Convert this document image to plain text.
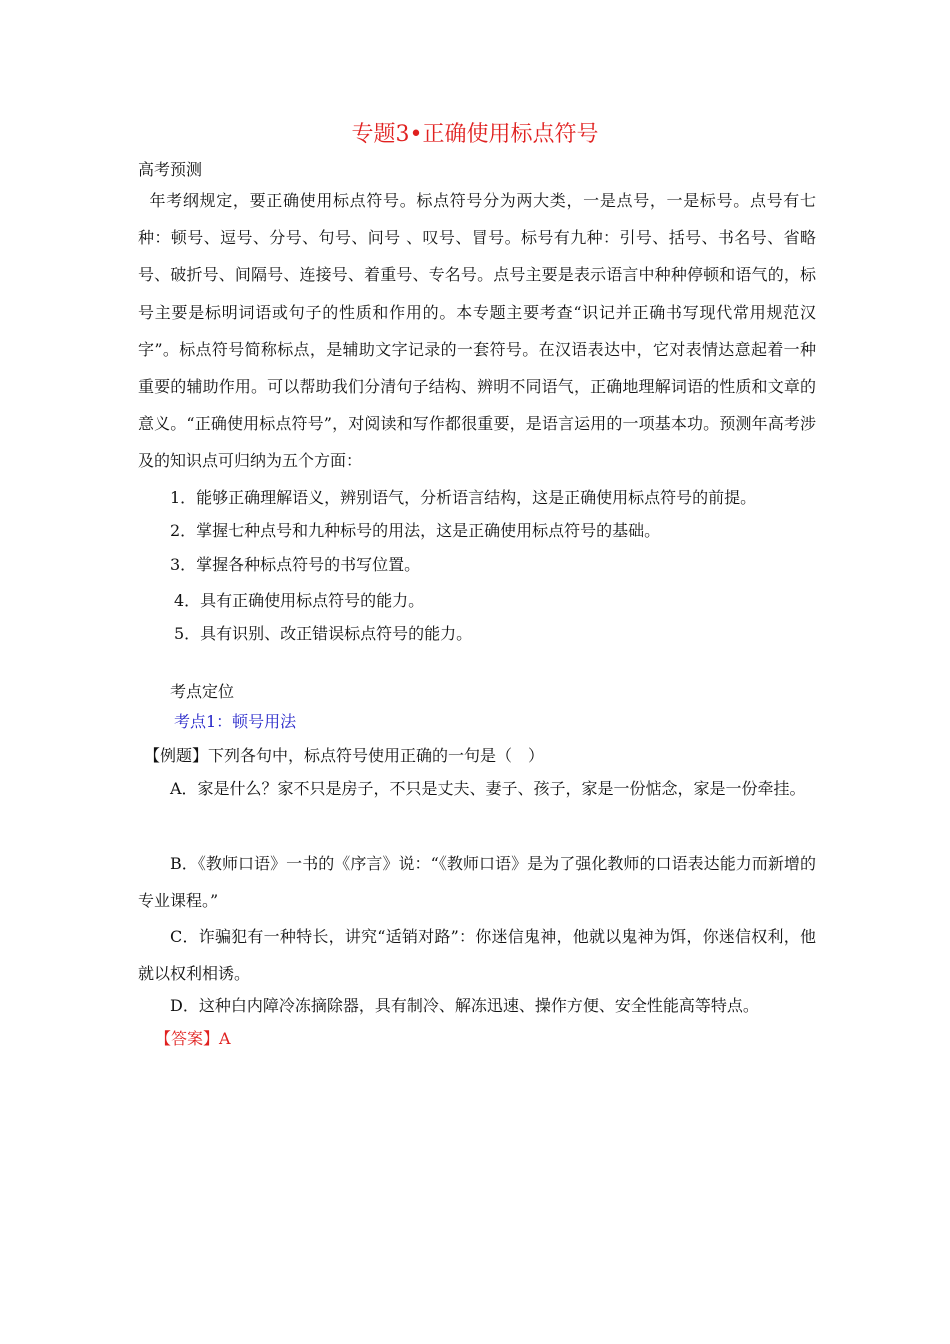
专题3•正确使用标点符号
高考预测
年考纲规定，要正确使用标点符号。标点符号分为两大类，一是点号，一是标号。点号有七种：顿号、逗号、分号、句号、问号 、叹号、冒号。标号有九种：引号、括号、书名号、省略号、破折号、间隔号、连接号、着重号、专名号。点号主要是表示语言中种种停顿和语气的，标号主要是标明词语或句子的性质和作用的。本专题主要考查“识记并正确书写现代常用规范汉字”。标点符号简称标点，是辅助文字记录的一套符号。在汉语表达中，它对表情达意起着一种重要的辅助作用。可以帮助我们分清句子结构、辨明不同语气，正确地理解词语的性质和文章的意义。“正确使用标点符号”，对阅读和写作都很重要，是语言运用的一项基本功。预测年高考涉及的知识点可归纳为五个方面：
1．能够正确理解语义，辨别语气，分析语言结构，这是正确使用标点符号的前提。
2．掌握七种点号和九种标号的用法，这是正确使用标点符号的基础。
3．掌握各种标点符号的书写位置。
4．具有正确使用标点符号的能力。
5．具有识别、改正错误标点符号的能力。
考点定位
考点1：顿号用法
【例题】下列各句中，标点符号使用正确的一句是（　）
A．家是什么？家不只是房子，不只是丈夫、妻子、孩子，家是一份惦念，家是一份牵挂。
B．《教师口语》一书的《序言》说：“《教师口语》是为了强化教师的口语表达能力而新增的专业课程。”
C．诈骗犯有一种特长，讲究“适销对路”：你迷信鬼神，他就以鬼神为饵，你迷信权利，他就以权利相诱。
D．这种白内障冷冻摘除器，具有制冷、解冻迅速、操作方便、安全性能高等特点。
【答案】A
